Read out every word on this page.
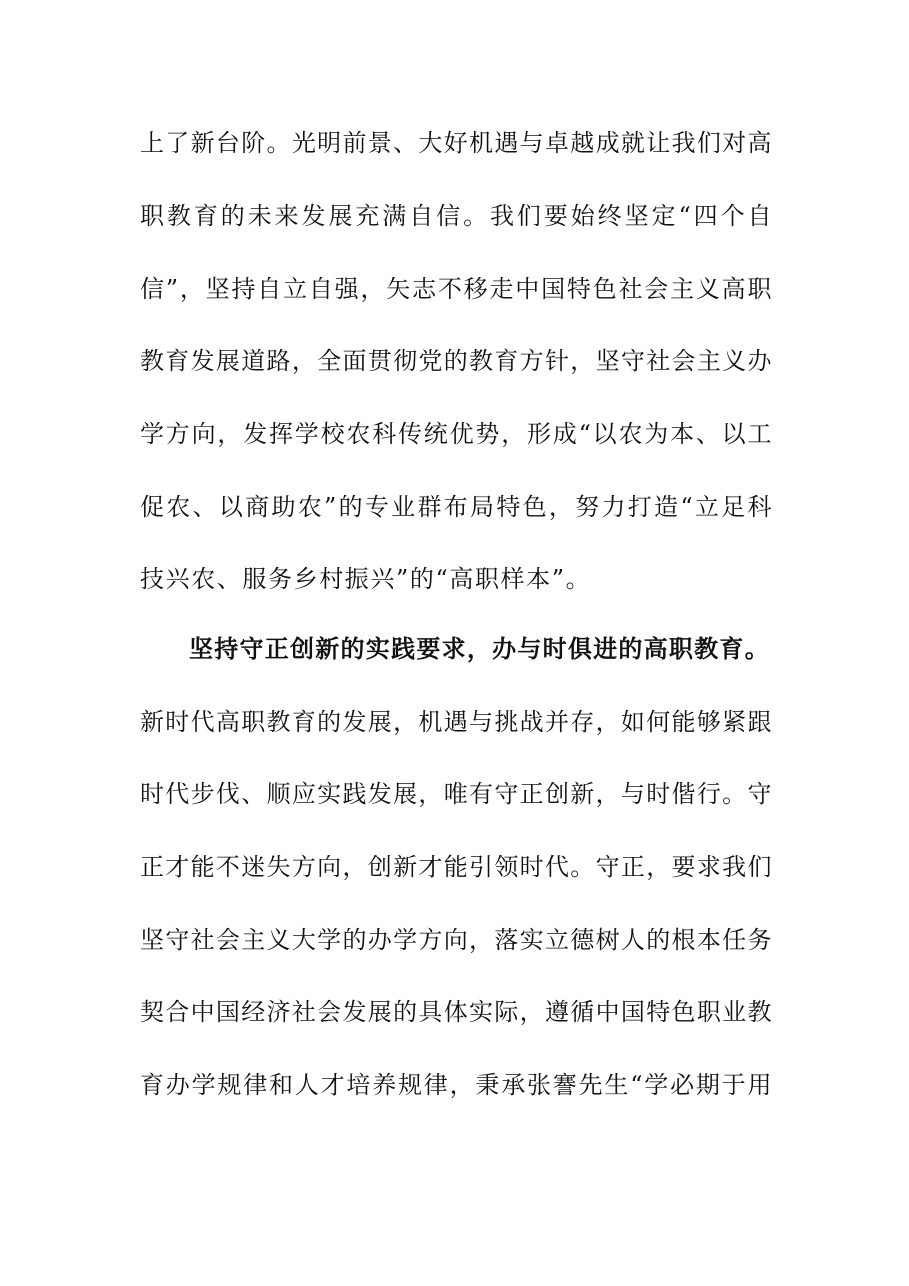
上了新台阶。光明前景、大好机遇与卓越成就让我们对高
职教育的未来发展充满自信。我们要始终坚定“四个自
信”，坚持自立自强，矢志不移走中国特色社会主义高职
教育发展道路，全面贯彻党的教育方针，坚守社会主义办
学方向，发挥学校农科传统优势，形成“以农为本、以工
促农、以商助农”的专业群布局特色，努力打造“立足科
技兴农、服务乡村振兴”的“高职样本”。
坚持守正创新的实践要求，办与时俱进的高职教育。
新时代高职教育的发展，机遇与挑战并存，如何能够紧跟
时代步伐、顺应实践发展，唯有守正创新，与时偕行。守
正才能不迷失方向，创新才能引领时代。守正，要求我们
坚守社会主义大学的办学方向，落实立德树人的根本任务
契合中国经济社会发展的具体实际，遵循中国特色职业教
育办学规律和人才培养规律，秉承张謇先生“学必期于用
